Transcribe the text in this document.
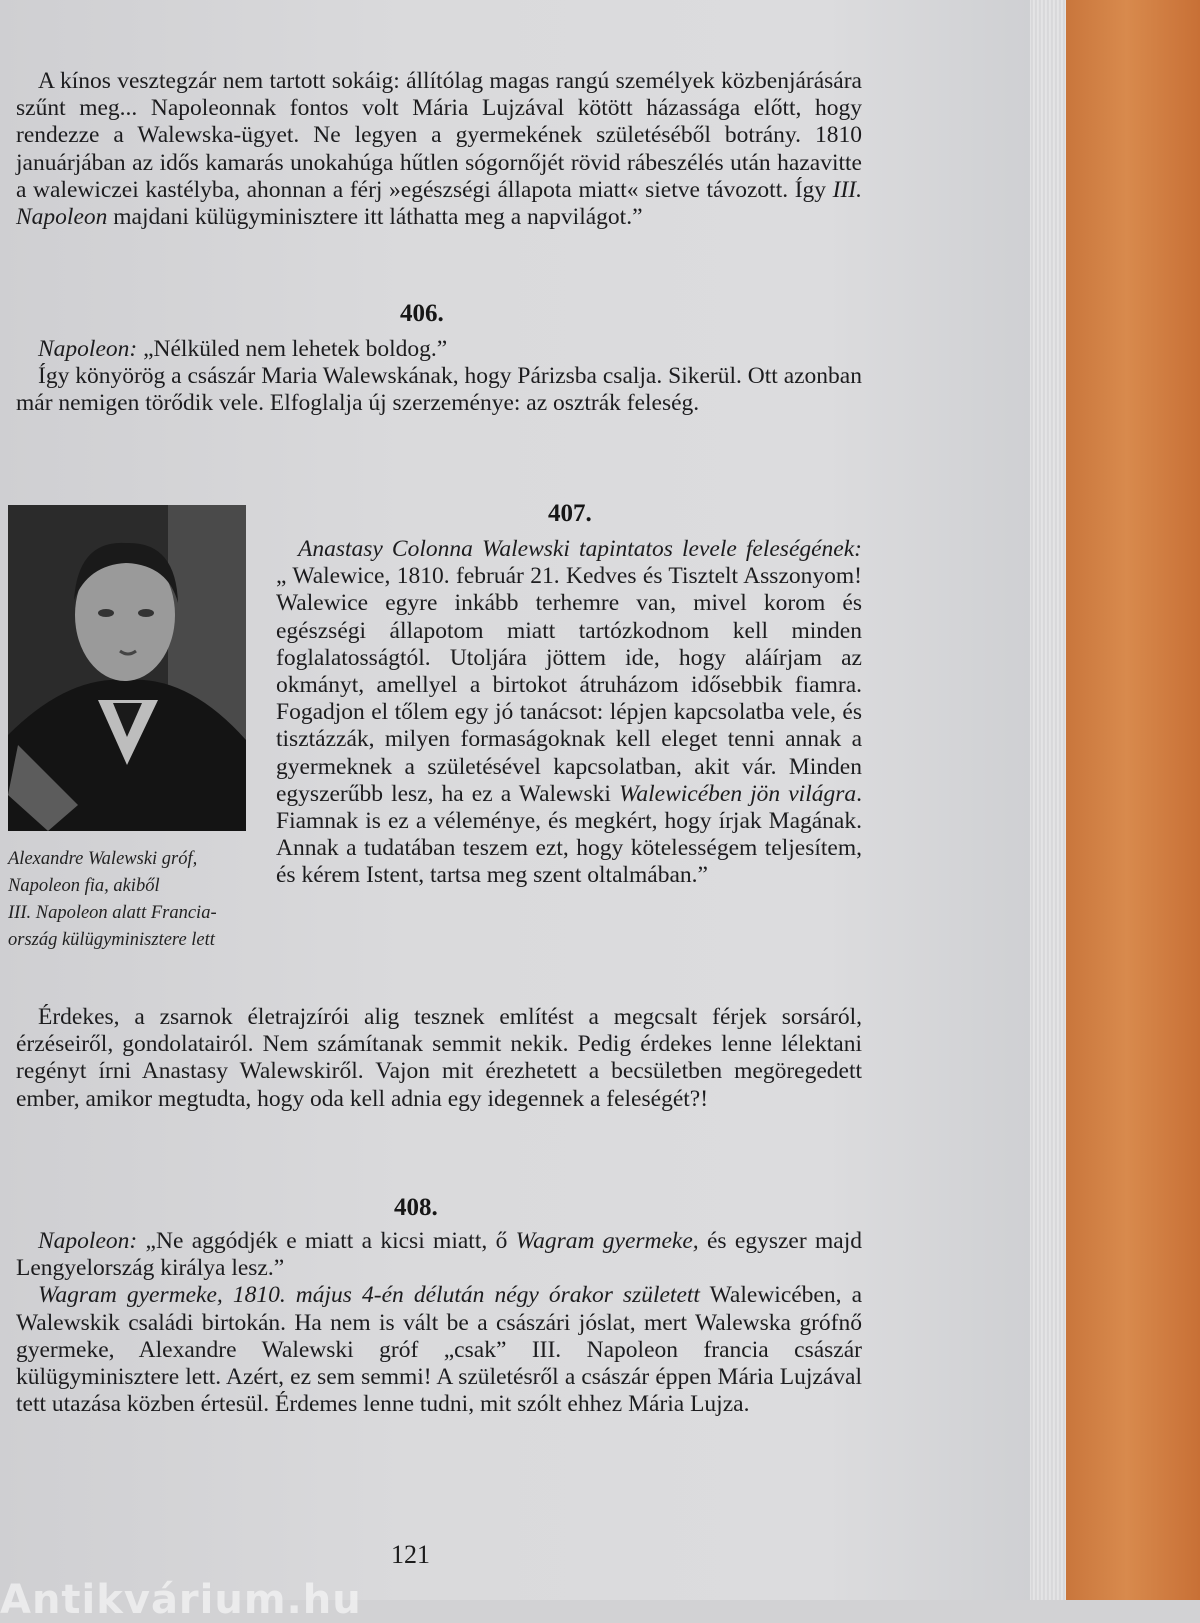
A kínos vesztegzár nem tartott sokáig: állítólag magas rangú személyek közbenjárására szűnt meg... Napoleonnak fontos volt Mária Lujzával kötött házassága előtt, hogy rendezze a Walewska-ügyet. Ne legyen a gyermekének születéséből botrány. 1810 januárjában az idős kamarás unokahúga hűtlen sógornőjét rövid rábeszélés után hazavitte a walewiczei kastélyba, ahonnan a férj »egészségi állapota miatt« sietve távozott. Így III. Napoleon majdani külügyminisztere itt láthatta meg a napvilágot.”

406.

Napoleon: „Nélküled nem lehetek boldog.”

Így könyörög a császár Maria Walewskának, hogy Párizsba csalja. Sikerül. Ott azonban már nemigen törődik vele. Elfoglalja új szerzeménye: az osztrák feleség.

Alexandre Walewski gróf,
Napoleon fia, akiből
III. Napoleon alatt Francia-
ország külügyminisztere lett
407.

Anastasy Colonna Walewski tapintatos levele feleségének: „ Walewice, 1810. február 21. Kedves és Tisztelt Asszonyom! Walewice egyre inkább terhemre van, mivel korom és egészségi állapotom miatt tartózkodnom kell minden foglalatosságtól. Utoljára jöttem ide, hogy aláírjam az okmányt, amellyel a birtokot átruházom idősebbik fiamra. Fogadjon el tőlem egy jó tanácsot: lépjen kapcsolatba vele, és tisztázzák, milyen formaságoknak kell eleget tenni annak a gyermeknek a születésével kapcsolatban, akit vár. Minden egyszerűbb lesz, ha ez a Walewski Walewicében jön világra. Fiamnak is ez a véleménye, és megkért, hogy írjak Magának. Annak a tudatában teszem ezt, hogy kötelességem teljesítem, és kérem Istent, tartsa meg szent oltalmában.”

Érdekes, a zsarnok életrajzírói alig tesznek említést a megcsalt férjek sorsáról, érzéseiről, gondolatairól. Nem számítanak semmit nekik. Pedig érdekes lenne lélektani regényt írni Anastasy Walewskiről. Vajon mit érezhetett a becsületben megöregedett ember, amikor megtudta, hogy oda kell adnia egy idegennek a feleségét?!

408.

Napoleon: „Ne aggódjék e miatt a kicsi miatt, ő Wagram gyermeke, és egyszer majd Lengyelország királya lesz.”

Wagram gyermeke, 1810. május 4-én délután négy órakor született Walewicében, a Walewskik családi birtokán. Ha nem is vált be a császári jóslat, mert Walewska grófnő gyermeke, Alexandre Walewski gróf „csak” III. Napoleon francia császár külügyminisztere lett. Azért, ez sem semmi! A születésről a császár éppen Mária Lujzával tett utazása közben értesül. Érdemes lenne tudni, mit szólt ehhez Mária Lujza.

121
Antikvárium.hu
